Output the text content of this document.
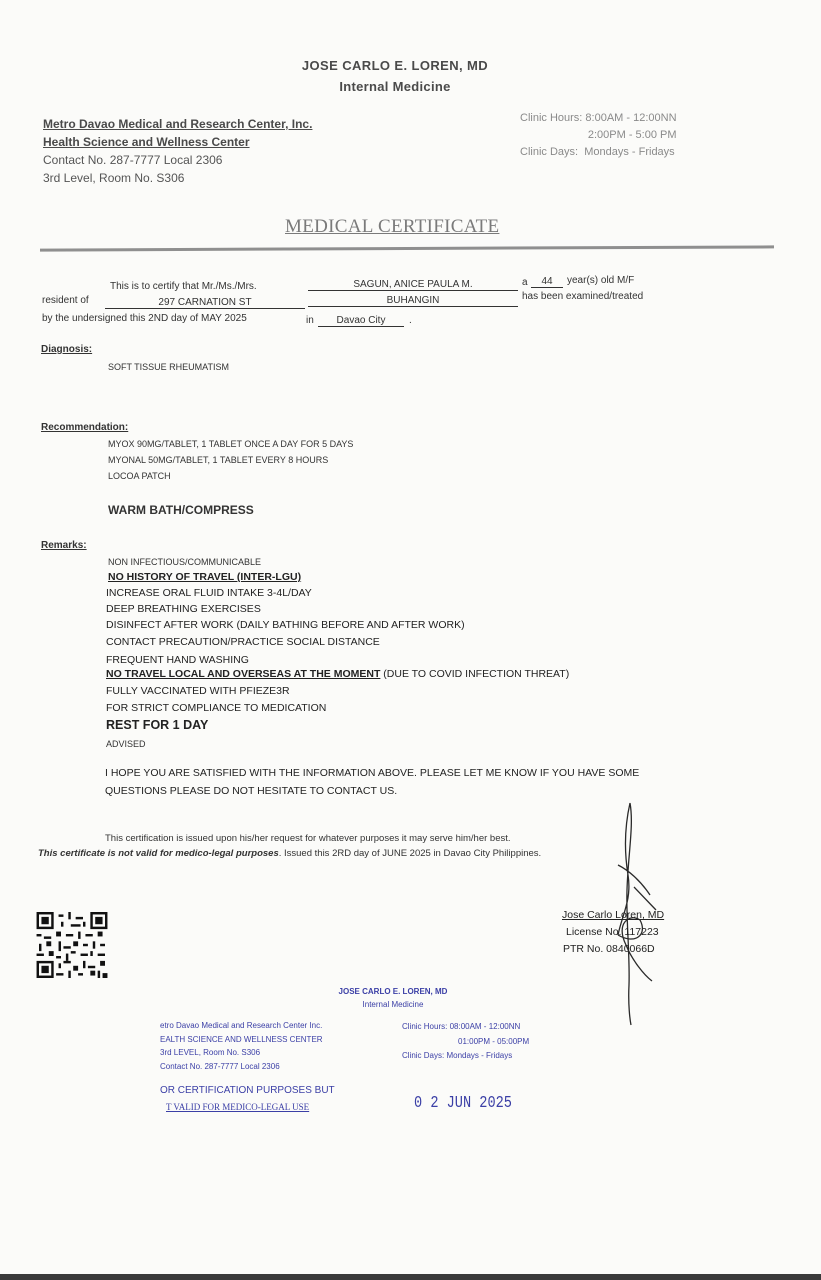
JOSE CARLO E. LOREN, MD
Internal Medicine
Metro Davao Medical and Research Center, Inc.
Health Science and Wellness Center
Contact No. 287-7777 Local 2306
3rd Level, Room No. S306
Clinic Hours: 8:00AM - 12:00NN
2:00PM - 5:00 PM
Clinic Days: Mondays - Fridays
MEDICAL CERTIFICATE
This is to certify that Mr./Ms./Mrs.	SAGUN, ANICE PAULA M.	a	44	year(s) old M/F
resident of	297 CARNATION ST	BUHANGIN	has been examined/treated
by the undersigned this 2ND day of MAY 2025	in	Davao City	.
Diagnosis:
SOFT TISSUE RHEUMATISM
Recommendation:
MYOX 90MG/TABLET, 1 TABLET ONCE A DAY FOR 5 DAYS
MYONAL 50MG/TABLET, 1 TABLET EVERY 8 HOURS
LOCOA PATCH
WARM BATH/COMPRESS
Remarks:
NON INFECTIOUS/COMMUNICABLE
NO HISTORY OF TRAVEL (INTER-LGU)
INCREASE ORAL FLUID INTAKE 3-4L/DAY
DEEP BREATHING EXERCISES
DISINFECT AFTER WORK (DAILY BATHING BEFORE AND AFTER WORK)
CONTACT PRECAUTION/PRACTICE SOCIAL DISTANCE
FREQUENT HAND WASHING
NO TRAVEL LOCAL AND OVERSEAS AT THE MOMENT (DUE TO COVID INFECTION THREAT)
FULLY VACCINATED WITH PFIEZE3R
FOR STRICT COMPLIANCE TO MEDICATION
REST FOR 1 DAY
ADVISED
I HOPE YOU ARE SATISFIED WITH THE INFORMATION ABOVE. PLEASE LET ME KNOW IF YOU HAVE SOME
QUESTIONS PLEASE DO NOT HESITATE TO CONTACT US.
This certification is issued upon his/her request for whatever purposes it may serve him/her best.
This certificate is not valid for medico-legal purposes. Issued this 2RD day of JUNE 2025 in Davao City Philippines.
Jose Carlo Loren, MD
License No. 117223
PTR No. 0840066D
JOSE CARLO E. LOREN, MD
Internal Medicine
etro Davao Medical and Research Center Inc.
EALTH SCIENCE AND WELLNESS CENTER
3rd LEVEL, Room No. S306
Contact No. 287-7777 Local 2306
Clinic Hours: 08:00AM - 12:00NN
01:00PM - 05:00PM
Clinic Days: Mondays - Fridays
OR CERTIFICATION PURPOSES BUT
T VALID FOR MEDICO-LEGAL USE	0 2 JUN 2025
